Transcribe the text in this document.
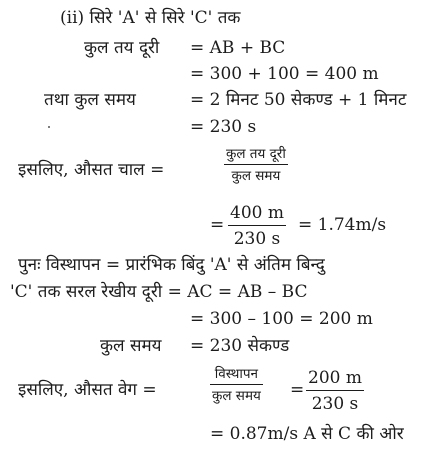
(ii) सिरे 'A' से सिरे 'C' तक
कुल तय दूरी = AB + BC
= 300 + 100 = 400 m
तथा कुल समय	= 2 मिनट 50 सेकण्ड + 1 मिनट
= 230 s
इसलिए, औसत चाल =
कुल तय दूरी
कुल समय
=
400 m
230 s
= 1.74m/s
पुनः विस्थापन = प्रारंभिक बिंदु 'A' से अंतिम बिन्दु
'C' तक सरल रेखीय दूरी = AC = AB – BC
= 300 – 100 = 200 m
कुल समय = 230 सेकण्ड
इसलिए, औसत वेग =
विस्थापन
कुल समय =
200 m
230 s
= 0.87m/s A से C की ओर
